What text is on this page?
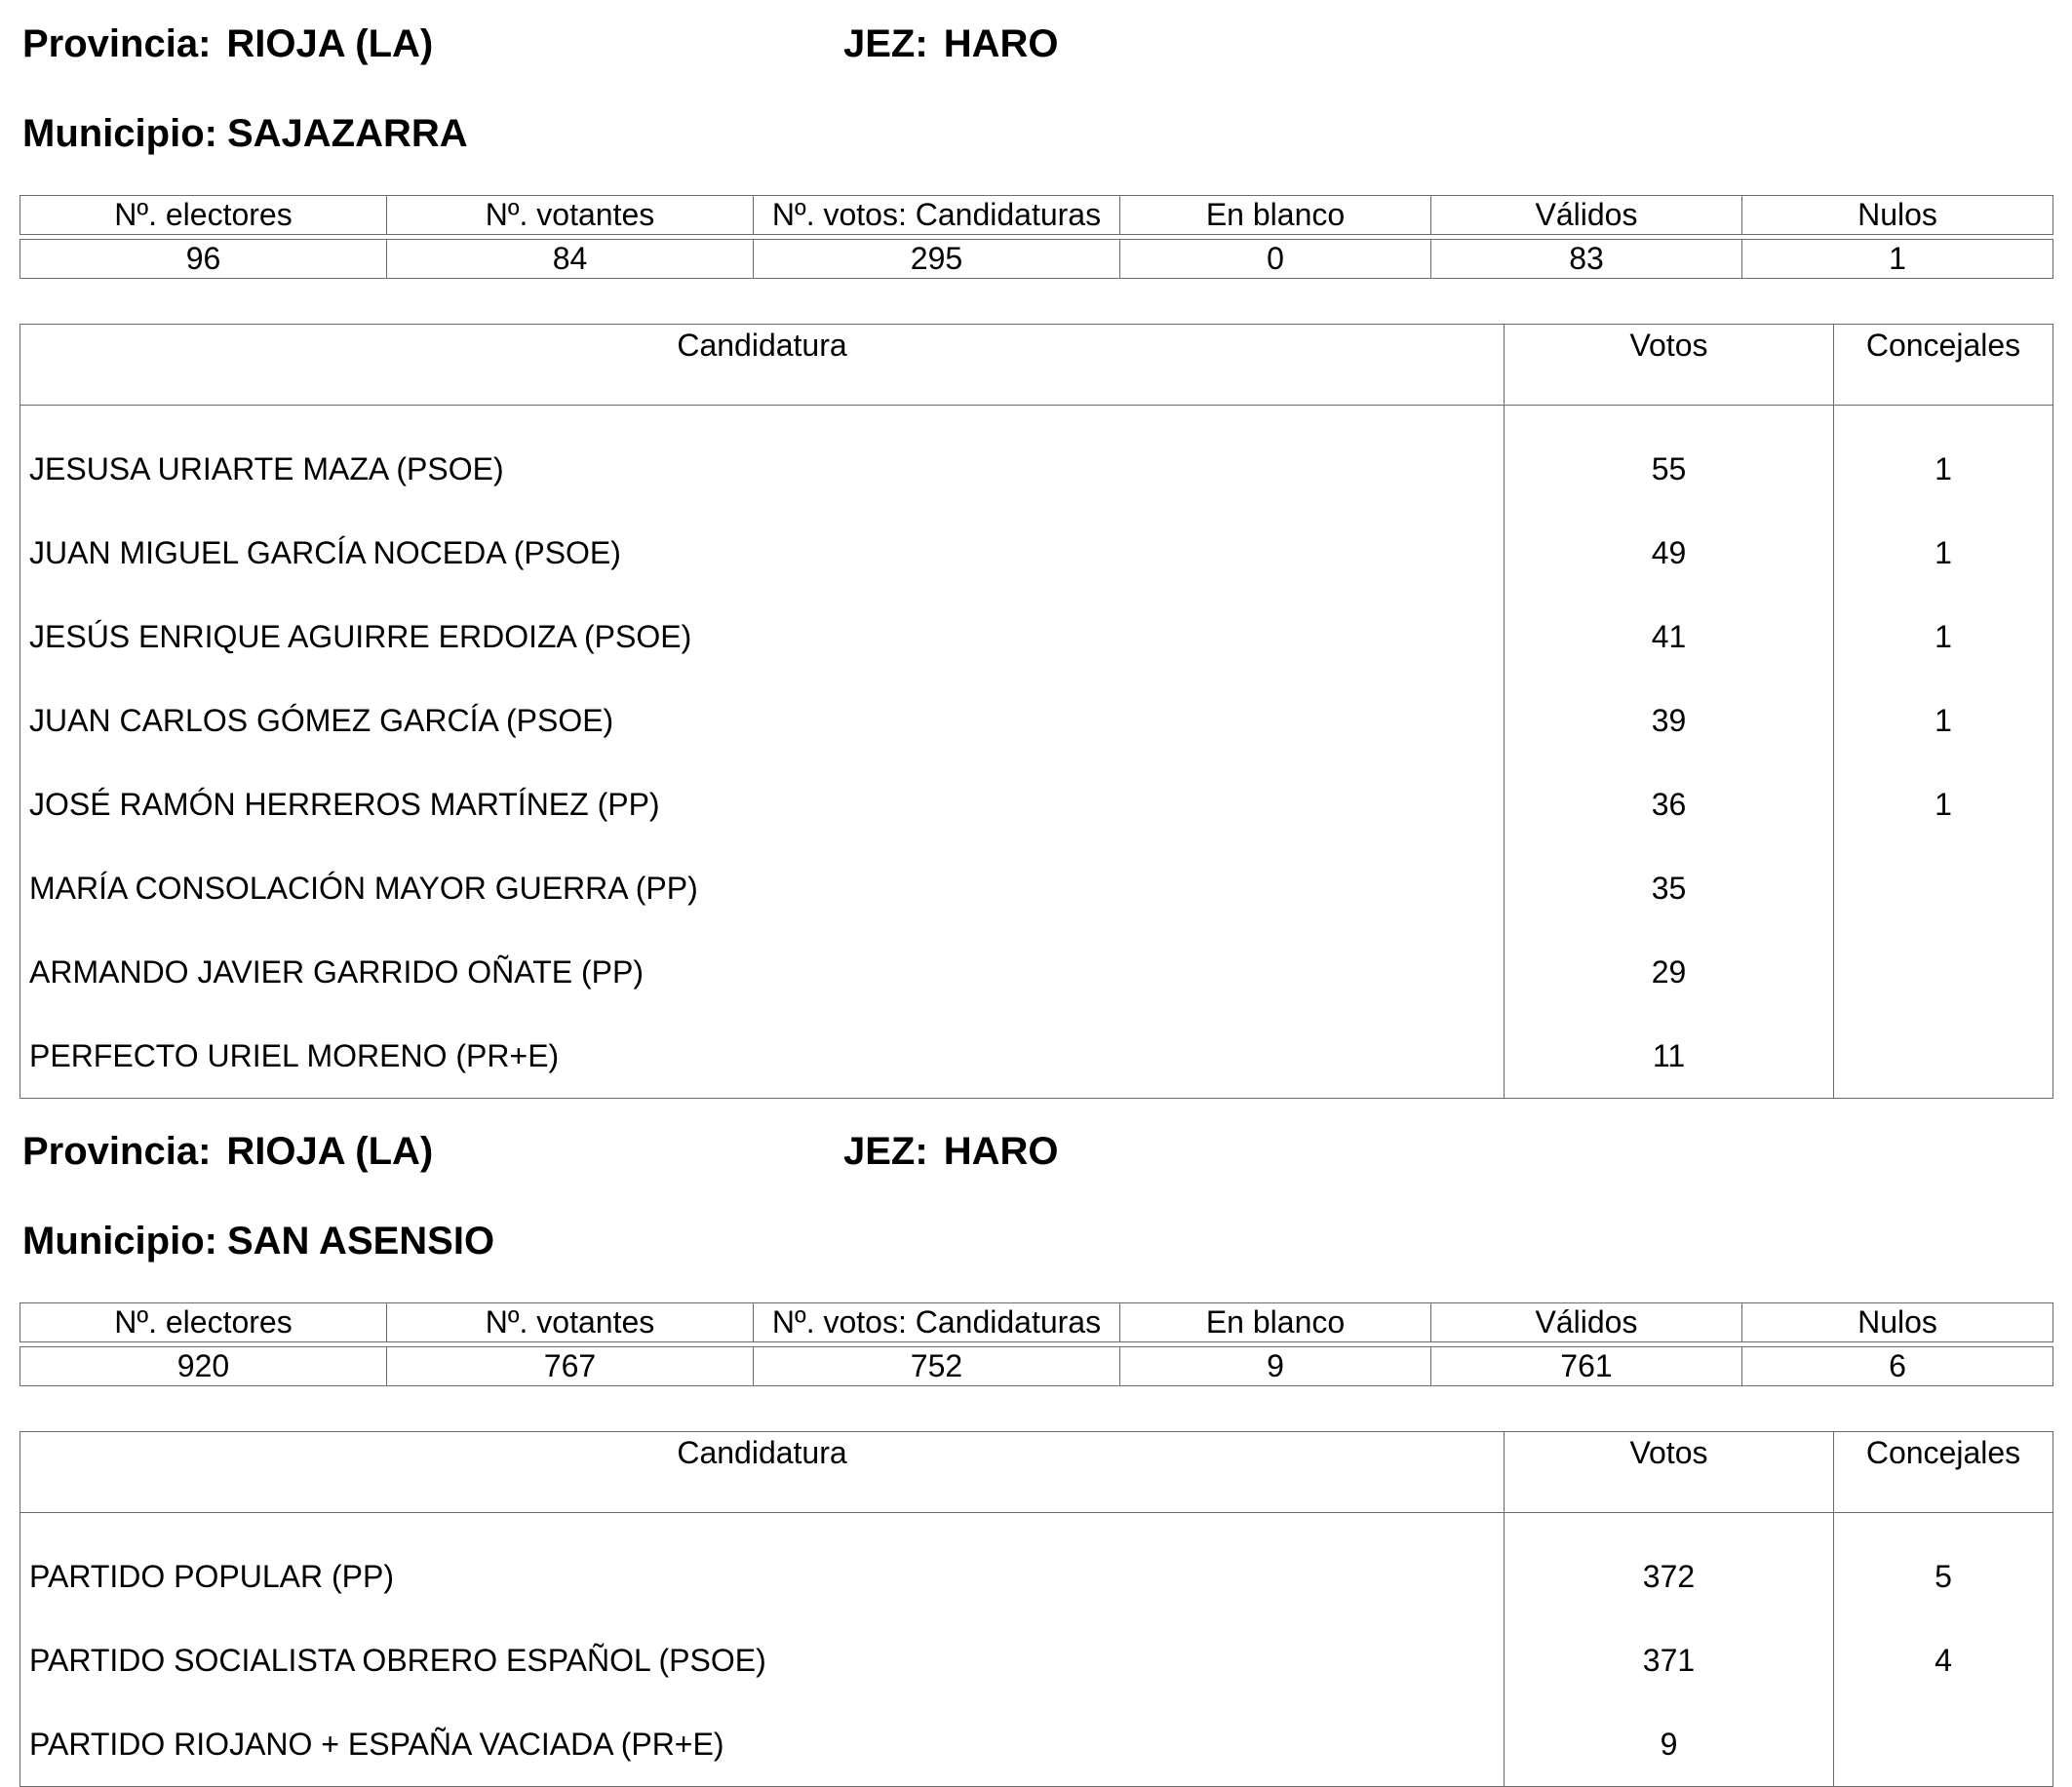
Provincia: RIOJA (LA)	JEZ: HARO
Municipio: SAJAZARRA
Nº. electores	Nº. votantes	Nº. votos: Candidaturas	En blanco	Válidos	Nulos

96	84	295	0	83	1
Candidatura	Votos	Concejales
JESUSA URIARTE MAZA (PSOE)	55	1
JUAN MIGUEL GARCÍA NOCEDA (PSOE)	49	1
JESÚS ENRIQUE AGUIRRE ERDOIZA (PSOE)	41	1
JUAN CARLOS GÓMEZ GARCÍA (PSOE)	39	1
JOSÉ RAMÓN HERREROS MARTÍNEZ (PP)	36	1
MARÍA CONSOLACIÓN MAYOR GUERRA (PP)	35	
ARMANDO JAVIER GARRIDO OÑATE (PP)	29	
PERFECTO URIEL MORENO (PR+E)	11	
Provincia: RIOJA (LA)	JEZ: HARO
Municipio: SAN ASENSIO
Nº. electores	Nº. votantes	Nº. votos: Candidaturas	En blanco	Válidos	Nulos

920	767	752	9	761	6
Candidatura	Votos	Concejales
PARTIDO POPULAR (PP)	372	5
PARTIDO SOCIALISTA OBRERO ESPAÑOL (PSOE)	371	4
PARTIDO RIOJANO + ESPAÑA VACIADA (PR+E)	9	
